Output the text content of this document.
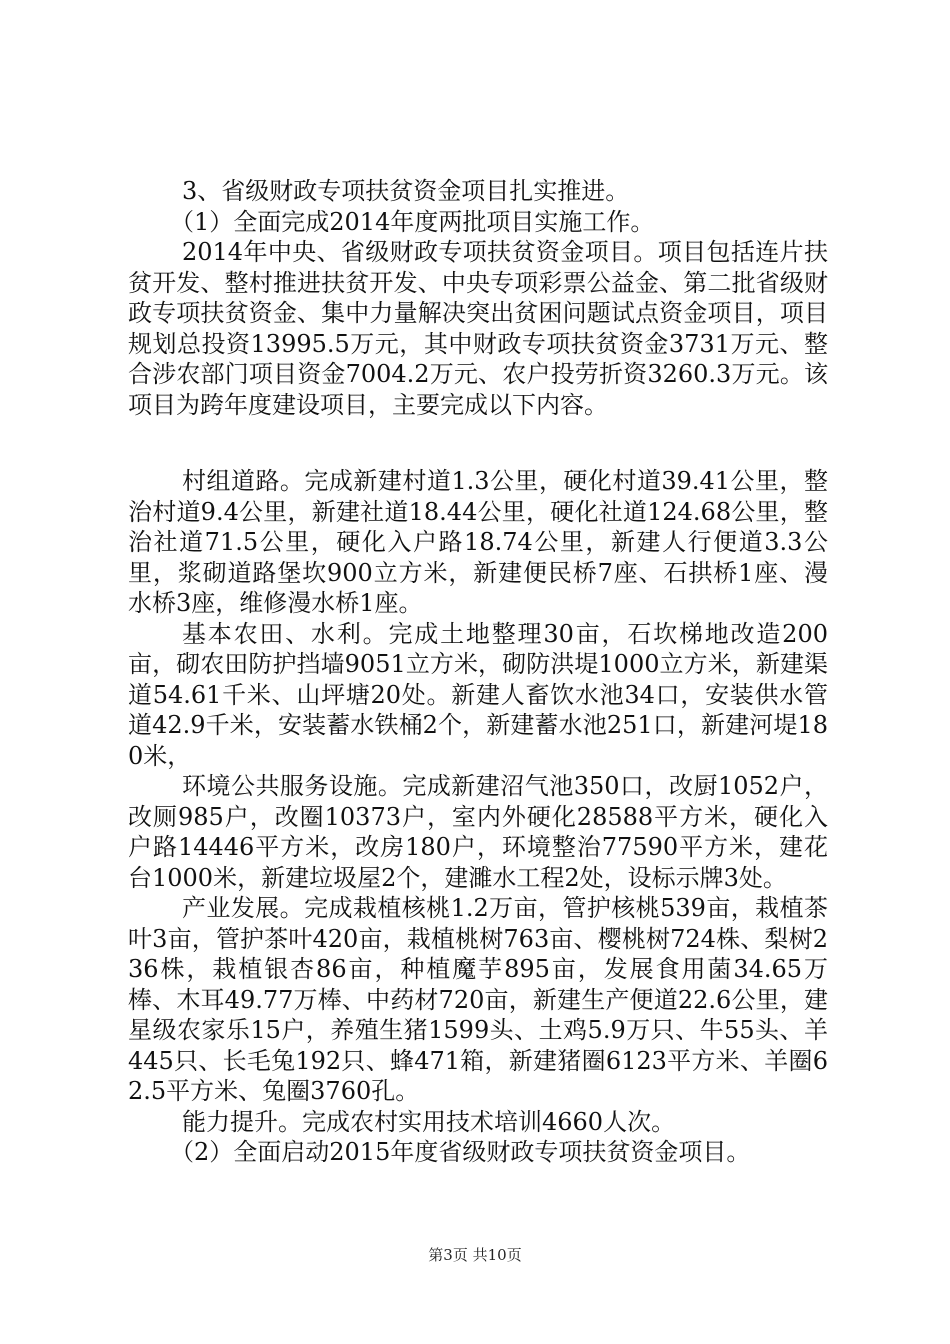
3、省级财政专项扶贫资金项目扎实推进。

（1）全面完成2014年度两批项目实施工作。

2014年中央、省级财政专项扶贫资金项目。项目包括连片扶贫开发、整村推进扶贫开发、中央专项彩票公益金、第二批省级财政专项扶贫资金、集中力量解决突出贫困问题试点资金项目，项目规划总投资13995.5万元，其中财政专项扶贫资金3731万元、整合涉农部门项目资金7004.2万元、农户投劳折资3260.3万元。该项目为跨年度建设项目，主要完成以下内容。

村组道路。完成新建村道1.3公里，硬化村道39.41公里，整治村道9.4公里，新建社道18.44公里，硬化社道124.68公里，整治社道71.5公里，硬化入户路18.74公里，新建人行便道3.3公里，浆砌道路堡坎900立方米，新建便民桥7座、石拱桥1座、漫水桥3座，维修漫水桥1座。

基本农田、水利。完成土地整理30亩，石坎梯地改造200亩，砌农田防护挡墙9051立方米，砌防洪堤1000立方米，新建渠道54.61千米、山坪塘20处。新建人畜饮水池34口，安装供水管道42.9千米，安装蓄水铁桶2个，新建蓄水池251口，新建河堤180米，

环境公共服务设施。完成新建沼气池350口，改厨1052户，改厕985户，改圈10373户，室内外硬化28588平方米，硬化入户路14446平方米，改房180户，环境整治77590平方米，建花台1000米，新建垃圾屋2个，建濉水工程2处，设标示牌3处。

产业发展。完成栽植核桃1.2万亩，管护核桃539亩，栽植茶叶3亩，管护茶叶420亩，栽植桃树763亩、樱桃树724株、梨树236株，栽植银杏86亩，种植魔芋895亩，发展食用菌34.65万棒、木耳49.77万棒、中药材720亩，新建生产便道22.6公里，建星级农家乐15户，养殖生猪1599头、土鸡5.9万只、牛55头、羊445只、长毛兔192只、蜂471箱，新建猪圈6123平方米、羊圈62.5平方米、兔圈3760孔。

能力提升。完成农村实用技术培训4660人次。

（2）全面启动2015年度省级财政专项扶贫资金项目。

第3页 共10页
